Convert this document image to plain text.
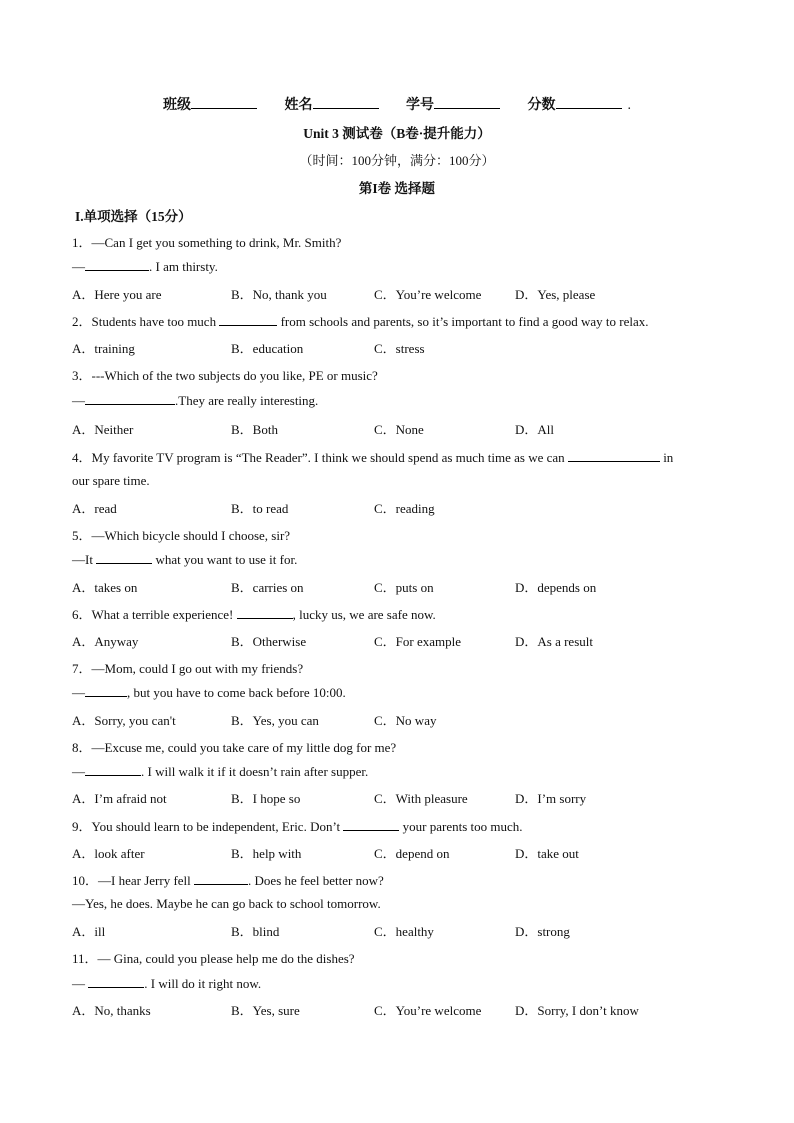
班级	姓名	学号	分数	.
Unit 3 测试卷（B卷·提升能力）
（时间：100分钟，满分：100分）
第I卷 选择题
I.单项选择（15分）
1．—Can I get you something to drink, Mr. Smith?
—	. I am thirsty.
A．Here you are	B．No, thank you	C．You’re welcome	D．Yes, please
2．Students have too much	from schools and parents, so it’s important to find a good way to relax.
A．training	B．education	C．stress
3．---Which of the two subjects do you like, PE or music?
—	.They are really interesting.
A．Neither	B．Both	C．None	D．All
4．My favorite TV program is “The Reader”. I think we should spend as much time as we can	in
our spare time.
A．read	B．to read	C．reading
5．—Which bicycle should I choose, sir?
—It	what you want to use it for.
A．takes on	B．carries on	C．puts on	D．depends on
6．What a terrible experience!	, lucky us, we are safe now.
A．Anyway	B．Otherwise	C．For example	D．As a result
7．—Mom, could I go out with my friends?
—	, but you have to come back before 10:00.
A．Sorry, you can't	B．Yes, you can	C．No way
8．—Excuse me, could you take care of my little dog for me?
—	. I will walk it if it doesn’t rain after supper.
A．I’m afraid not	B．I hope so	C．With pleasure	D．I’m sorry
9．You should learn to be independent, Eric. Don’t	your parents too much.
A．look after	B．help with	C．depend on	D．take out
10．—I hear Jerry fell	. Does he feel better now?
—Yes, he does. Maybe he can go back to school tomorrow.
A．ill	B．blind	C．healthy	D．strong
11．— Gina, could you please help me do the dishes?
—	. I will do it right now.
A．No, thanks	B．Yes, sure	C．You’re welcome	D．Sorry, I don’t know
